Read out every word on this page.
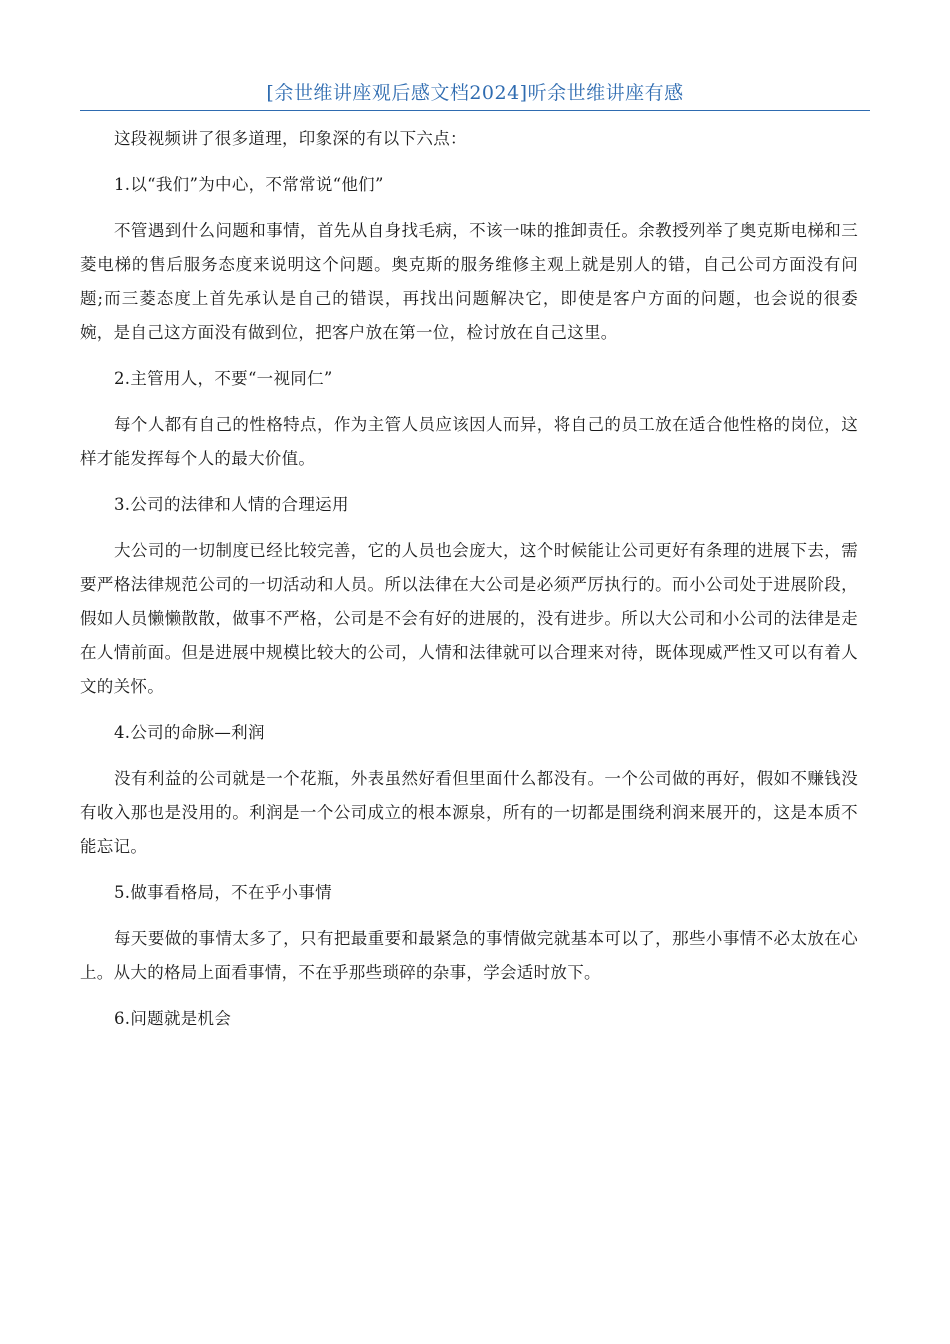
[余世维讲座观后感文档2024]听余世维讲座有感

这段视频讲了很多道理，印象深的有以下六点：

1.以“我们”为中心，不常常说“他们”

不管遇到什么问题和事情，首先从自身找毛病，不该一味的推卸责任。余教授列举了奥克斯电梯和三菱电梯的售后服务态度来说明这个问题。奥克斯的服务维修主观上就是别人的错，自己公司方面没有问题;而三菱态度上首先承认是自己的错误，再找出问题解决它，即使是客户方面的问题，也会说的很委婉，是自己这方面没有做到位，把客户放在第一位，检讨放在自己这里。

2.主管用人，不要“一视同仁”

每个人都有自己的性格特点，作为主管人员应该因人而异，将自己的员工放在适合他性格的岗位，这样才能发挥每个人的最大价值。

3.公司的法律和人情的合理运用

大公司的一切制度已经比较完善，它的人员也会庞大，这个时候能让公司更好有条理的进展下去，需要严格法律规范公司的一切活动和人员。所以法律在大公司是必须严厉执行的。而小公司处于进展阶段，假如人员懒懒散散，做事不严格，公司是不会有好的进展的，没有进步。所以大公司和小公司的法律是走在人情前面。但是进展中规模比较大的公司，人情和法律就可以合理来对待，既体现威严性又可以有着人文的关怀。

4.公司的命脉—利润

没有利益的公司就是一个花瓶，外表虽然好看但里面什么都没有。一个公司做的再好，假如不赚钱没有收入那也是没用的。利润是一个公司成立的根本源泉，所有的一切都是围绕利润来展开的，这是本质不能忘记。

5.做事看格局，不在乎小事情

每天要做的事情太多了，只有把最重要和最紧急的事情做完就基本可以了，那些小事情不必太放在心上。从大的格局上面看事情，不在乎那些琐碎的杂事，学会适时放下。

6.问题就是机会
